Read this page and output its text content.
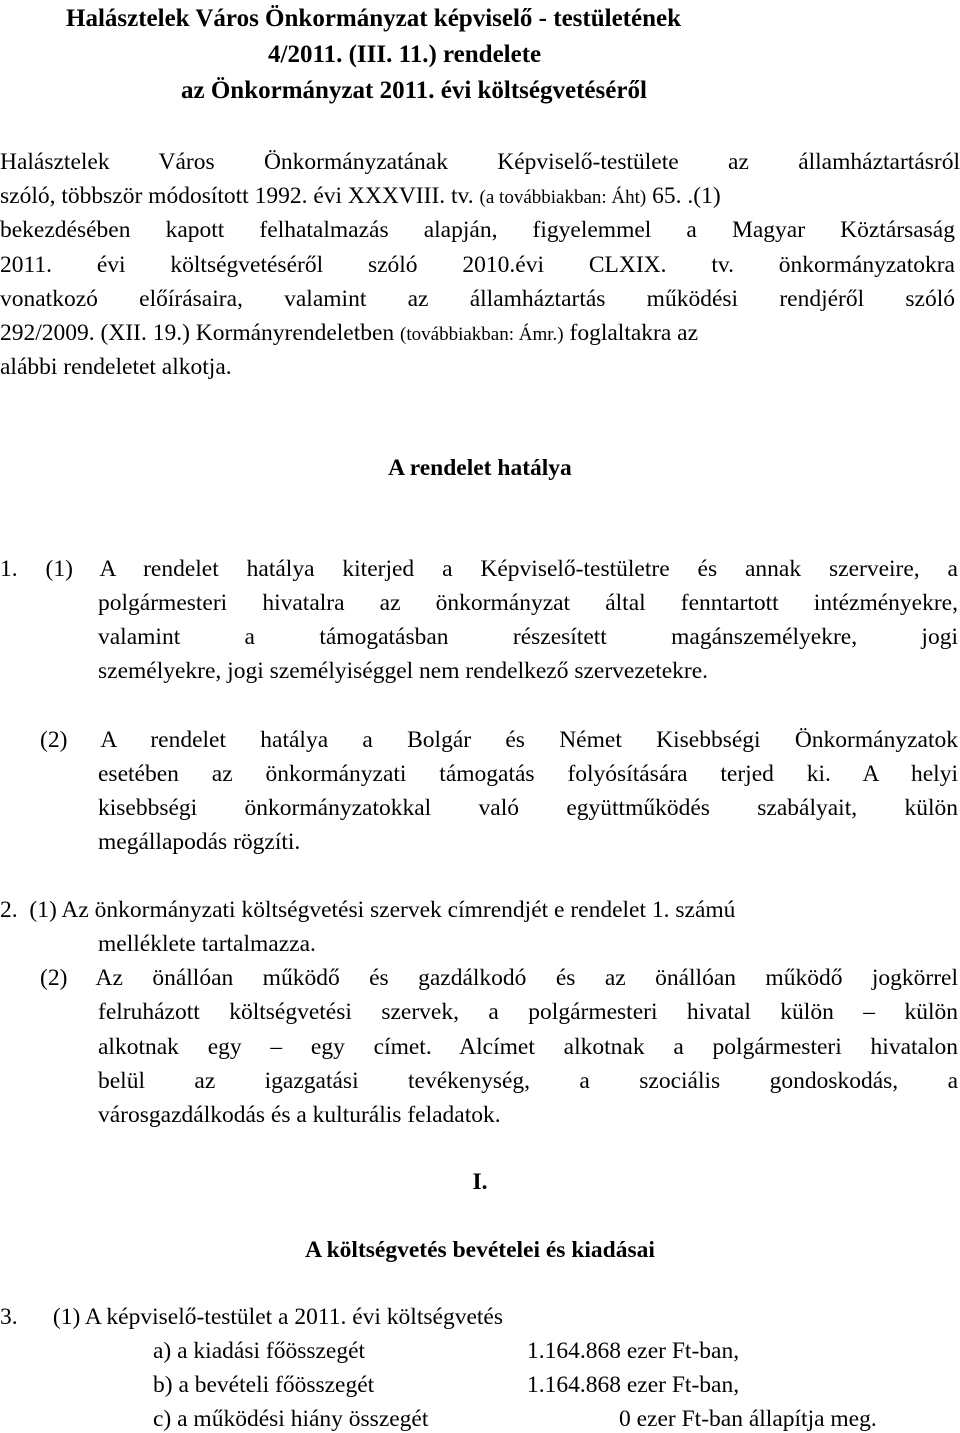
Halásztelek Város Önkormányzat képviselő - testületének
4/2011. (III. 11.) rendelete
az Önkormányzat 2011. évi költségvetéséről
Halásztelek Város Önkormányzatának Képviselő-testülete az államháztartásról
szóló, többször módosított 1992. évi XXXVIII. tv. (a továbbiakban: Áht) 65. .(1)
bekezdésében kapott felhatalmazás alapján, figyelemmel a Magyar Köztársaság
2011. évi költségvetéséről szóló 2010.évi CLXIX. tv. önkormányzatokra
vonatkozó előírásaira, valamint az államháztartás működési rendjéről szóló
292/2009. (XII. 19.) Kormányrendeletben (továbbiakban: Ámr.) foglaltakra az
alábbi rendeletet alkotja.
A rendelet hatálya
1. (1) A rendelet hatálya kiterjed a Képviselő-testületre és annak szerveire, a
polgármesteri hivatalra az önkormányzat által fenntartott intézményekre,
valamint a támogatásban részesített magánszemélyekre, jogi
személyekre, jogi személyiséggel nem rendelkező szervezetekre.
(2) A rendelet hatálya a Bolgár és Német Kisebbségi Önkormányzatok
esetében az önkormányzati támogatás folyósítására terjed ki. A helyi
kisebbségi önkormányzatokkal való együttműködés szabályait, külön
megállapodás rögzíti.
2.  (1) Az önkormányzati költségvetési szervek címrendjét e rendelet 1. számú
melléklete tartalmazza.
(2) Az önállóan működő és gazdálkodó és az önállóan működő jogkörrel
felruházott költségvetési szervek, a polgármesteri hivatal külön – külön
alkotnak egy – egy címet. Alcímet alkotnak a polgármesteri hivatalon
belül az igazgatási tevékenység, a szociális gondoskodás, a
városgazdálkodás és a kulturális feladatok.
I.
A költségvetés bevételei és kiadásai
3.      (1) A képviselő-testület a 2011. évi költségvetés
a) a kiadási főösszegét	1.164.868 ezer Ft-ban,
b) a bevételi főösszegét	1.164.868 ezer Ft-ban,
c) a működési hiány összegét	0 ezer Ft-ban állapítja meg.
